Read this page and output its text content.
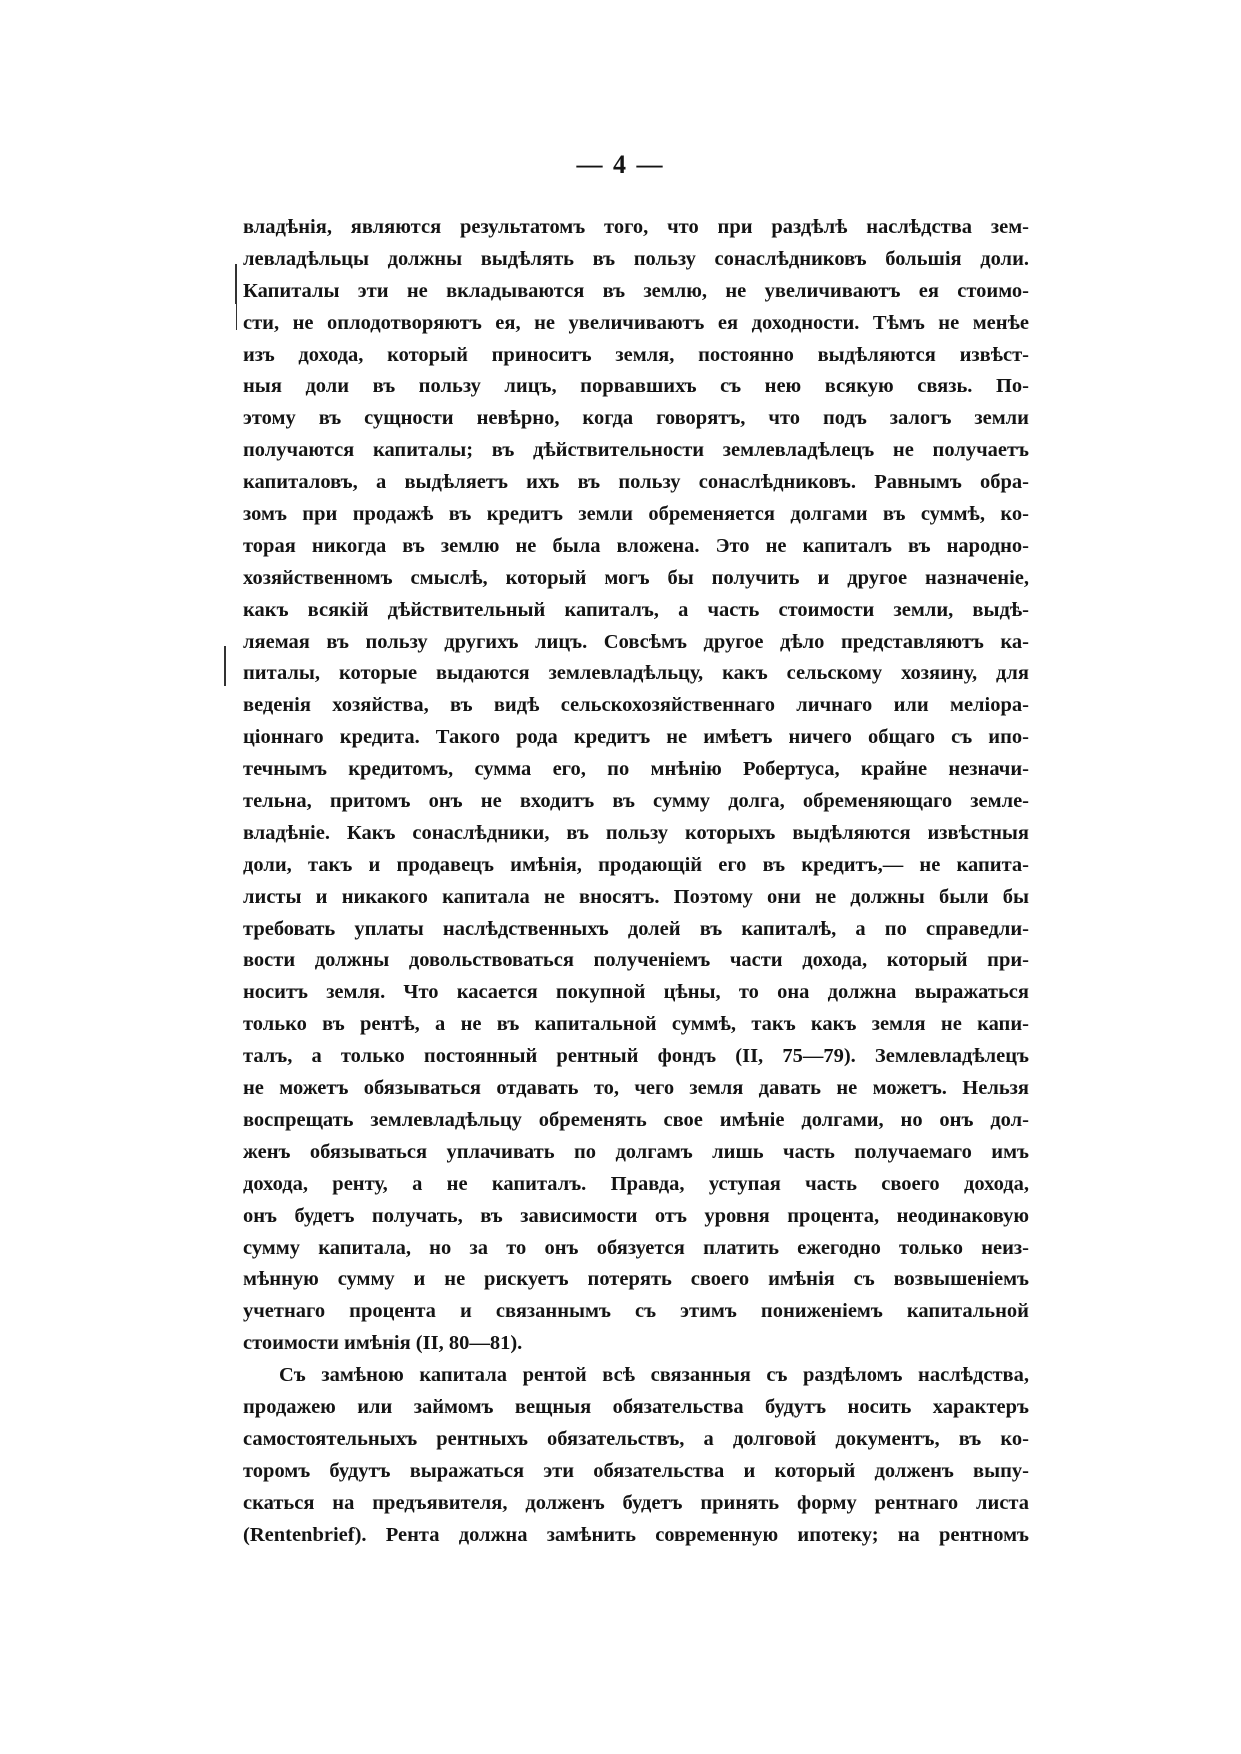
— 4 —
владѣнія, являются результатомъ того, что при раздѣлѣ наслѣдства зем-
левладѣльцы должны выдѣлять въ пользу сонаслѣдниковъ большія доли.
Капиталы эти не вкладываются въ землю, не увеличиваютъ ея стоимо-
сти, не оплодотворяютъ ея, не увеличиваютъ ея доходности. Тѣмъ не менѣе
изъ дохода, который приноситъ земля, постоянно выдѣляются извѣст-
ныя доли въ пользу лицъ, порвавшихъ съ нею всякую связь. По-
этому въ сущности невѣрно, когда говорятъ, что подъ залогъ земли
получаются капиталы; въ дѣйствительности землевладѣлецъ не получаетъ
капиталовъ, а выдѣляетъ ихъ въ пользу сонаслѣдниковъ. Равнымъ обра-
зомъ при продажѣ въ кредитъ земли обременяется долгами въ суммѣ, ко-
торая никогда въ землю не была вложена. Это не капиталъ въ народно-
хозяйственномъ смыслѣ, который могъ бы получить и другое назначеніе,
какъ всякій дѣйствительный капиталъ, а часть стоимости земли, выдѣ-
ляемая въ пользу другихъ лицъ. Совсѣмъ другое дѣло представляютъ ка-
питалы, которые выдаются землевладѣльцу, какъ сельскому хозяину, для
веденія хозяйства, въ видѣ сельскохозяйственнаго личнаго или мелiора-
ціоннаго кредита. Такого рода кредитъ не имѣетъ ничего общаго съ ипо-
течнымъ кредитомъ, сумма его, по мнѣнію Робертуса, крайне незначи-
тельна, притомъ онъ не входитъ въ сумму долга, обременяющаго земле-
владѣніе. Какъ сонаслѣдники, въ пользу которыхъ выдѣляются извѣстныя
доли, такъ и продавецъ имѣнія, продающій его въ кредитъ,— не капита-
листы и никакого капитала не вносятъ. Поэтому они не должны были бы
требовать уплаты наслѣдственныхъ долей въ капиталѣ, а по справедли-
вости должны довольствоваться полученіемъ части дохода, который при-
носитъ земля. Что касается покупной цѣны, то она должна выражаться
только въ рентѣ, а не въ капитальной суммѣ, такъ какъ земля не капи-
талъ, а только постоянный рентный фондъ (II, 75—79). Землевладѣлецъ
не можетъ обязываться отдавать то, чего земля давать не можетъ. Нельзя
воспрещать землевладѣльцу обременять свое имѣніе долгами, но онъ дол-
женъ обязываться уплачивать по долгамъ лишь часть получаемаго имъ
дохода, ренту, а не капиталъ. Правда, уступая часть своего дохода,
онъ будетъ получать, въ зависимости отъ уровня процента, неодинаковую
сумму капитала, но за то онъ обязуется платить ежегодно только неиз-
мѣнную сумму и не рискуетъ потерять своего имѣнія съ возвышеніемъ
учетнаго процента и связаннымъ съ этимъ пониженіемъ капитальной
стоимости имѣнія (II, 80—81).
Съ замѣною капитала рентой всѣ связанныя съ раздѣломъ наслѣдства,
продажею или займомъ вещныя обязательства будутъ носить характеръ
самостоятельныхъ рентныхъ обязательствъ, а долговой документъ, въ ко-
торомъ будутъ выражаться эти обязательства и который долженъ выпу-
скаться на предъявителя, долженъ будетъ принять форму рентнаго листа
(Rentenbrief). Рента должна замѣнить современную ипотеку; на рентномъ
